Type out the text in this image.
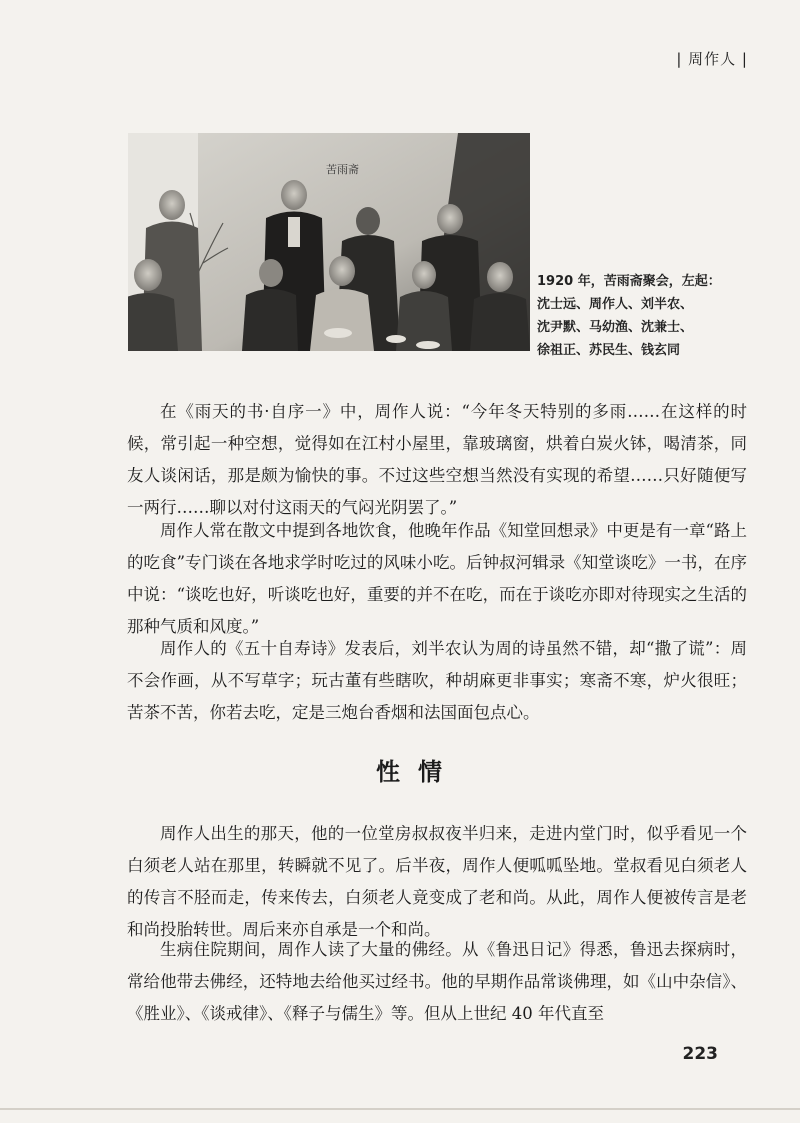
| 周作人 |
苦雨斋
1920 年，苦雨斋聚会，左起：
沈士远、周作人、刘半农、
沈尹默、马幼渔、沈兼士、
徐祖正、苏民生、钱玄同

在《雨天的书·自序一》中，周作人说：“今年冬天特别的多雨……在这样的时候，常引起一种空想，觉得如在江村小屋里，靠玻璃窗，烘着白炭火钵，喝清茶，同友人谈闲话，那是颇为愉快的事。不过这些空想当然没有实现的希望……只好随便写一两行……聊以对付这雨天的气闷光阴罢了。”

周作人常在散文中提到各地饮食，他晚年作品《知堂回想录》中更是有一章“路上的吃食”专门谈在各地求学时吃过的风味小吃。后钟叔河辑录《知堂谈吃》一书，在序中说：“谈吃也好，听谈吃也好，重要的并不在吃，而在于谈吃亦即对待现实之生活的那种气质和风度。”

周作人的《五十自寿诗》发表后，刘半农认为周的诗虽然不错，却“撒了谎”：周不会作画，从不写草字；玩古董有些瞎吹，种胡麻更非事实；寒斋不寒，炉火很旺；苦茶不苦，你若去吃，定是三炮台香烟和法国面包点心。

性情

周作人出生的那天，他的一位堂房叔叔夜半归来，走进内堂门时，似乎看见一个白须老人站在那里，转瞬就不见了。后半夜，周作人便呱呱坠地。堂叔看见白须老人的传言不胫而走，传来传去，白须老人竟变成了老和尚。从此，周作人便被传言是老和尚投胎转世。周后来亦自承是一个和尚。

生病住院期间，周作人读了大量的佛经。从《鲁迅日记》得悉，鲁迅去探病时，常给他带去佛经，还特地去给他买过经书。他的早期作品常谈佛理，如《山中杂信》、《胜业》、《谈戒律》、《释子与儒生》等。但从上世纪 40 年代直至

223
